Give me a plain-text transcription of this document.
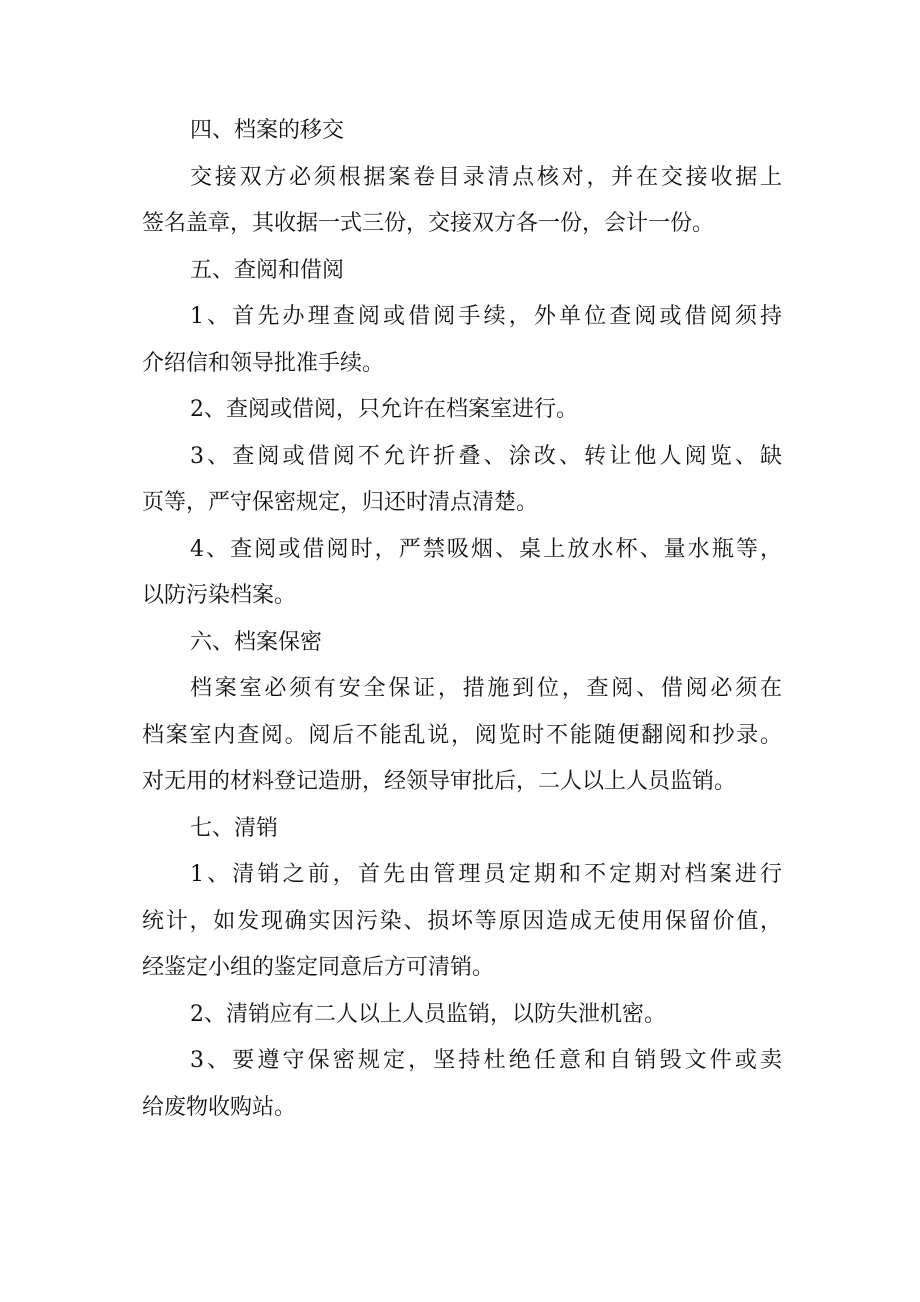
四、档案的移交
交接双方必须根据案卷目录清点核对，并在交接收据上
签名盖章，其收据一式三份，交接双方各一份，会计一份。
五、查阅和借阅
1、首先办理查阅或借阅手续，外单位查阅或借阅须持
介绍信和领导批准手续。
2、查阅或借阅，只允许在档案室进行。
3、查阅或借阅不允许折叠、涂改、转让他人阅览、缺
页等，严守保密规定，归还时清点清楚。
4、查阅或借阅时，严禁吸烟、桌上放水杯、量水瓶等，
以防污染档案。
六、档案保密
档案室必须有安全保证，措施到位，查阅、借阅必须在
档案室内查阅。阅后不能乱说，阅览时不能随便翻阅和抄录。
对无用的材料登记造册，经领导审批后，二人以上人员监销。
七、清销
1、清销之前，首先由管理员定期和不定期对档案进行
统计，如发现确实因污染、损坏等原因造成无使用保留价值，
经鉴定小组的鉴定同意后方可清销。
2、清销应有二人以上人员监销，以防失泄机密。
3、要遵守保密规定，坚持杜绝任意和自销毁文件或卖
给废物收购站。
